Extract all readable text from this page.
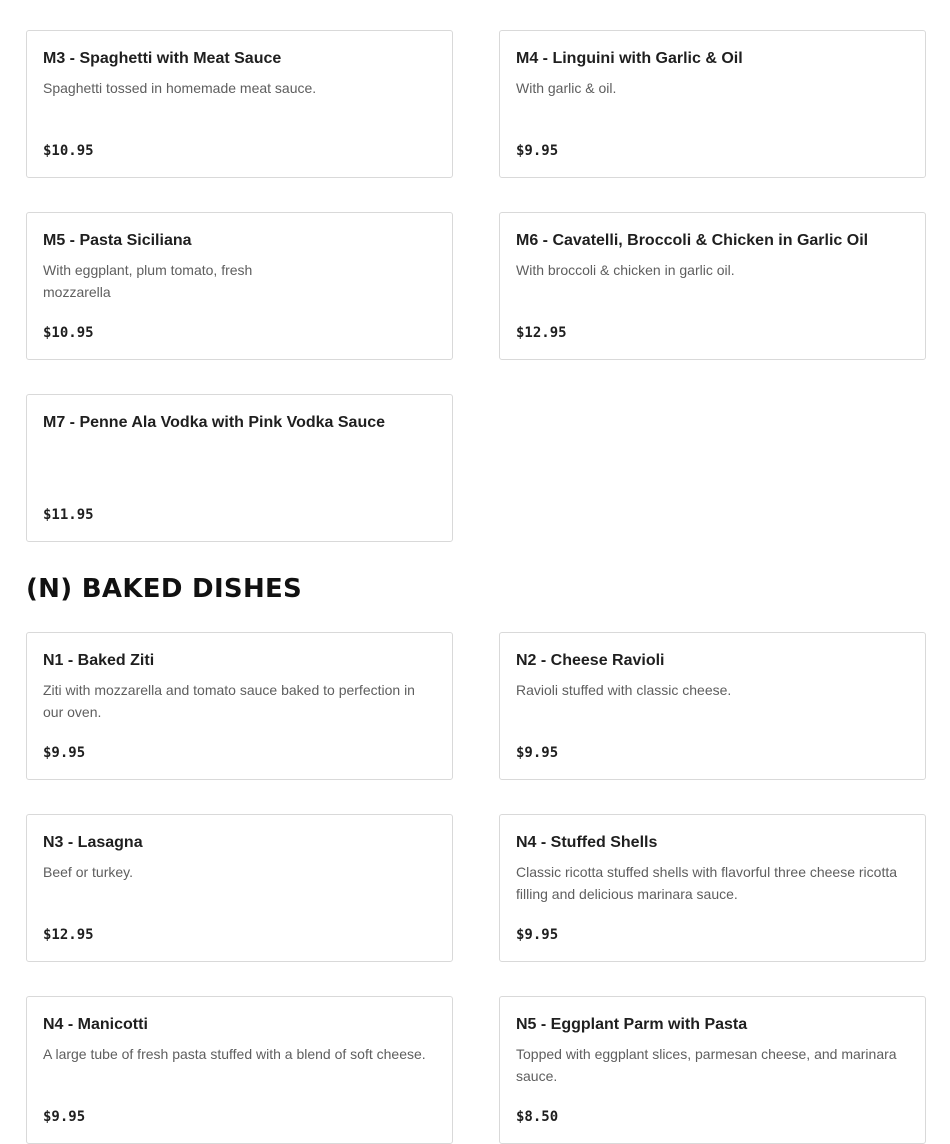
M3 - Spaghetti with Meat Sauce
Spaghetti tossed in homemade meat sauce.
$10.95
M4 - Linguini with Garlic & Oil
With garlic & oil.
$9.95
M5 - Pasta Siciliana
With eggplant, plum tomato, fresh mozzarella
$10.95
M6 - Cavatelli, Broccoli & Chicken in Garlic Oil
With broccoli & chicken in garlic oil.
$12.95
M7 - Penne Ala Vodka with Pink Vodka Sauce
$11.95
(N) BAKED DISHES
N1 - Baked Ziti
Ziti with mozzarella and tomato sauce baked to perfection in our oven.
$9.95
N2 - Cheese Ravioli
Ravioli stuffed with classic cheese.
$9.95
N3 - Lasagna
Beef or turkey.
$12.95
N4 - Stuffed Shells
Classic ricotta stuffed shells with flavorful three cheese ricotta filling and delicious marinara sauce.
$9.95
N4 - Manicotti
A large tube of fresh pasta stuffed with a blend of soft cheese.
$9.95
N5 - Eggplant Parm with Pasta
Topped with eggplant slices, parmesan cheese, and marinara sauce.
$8.50
